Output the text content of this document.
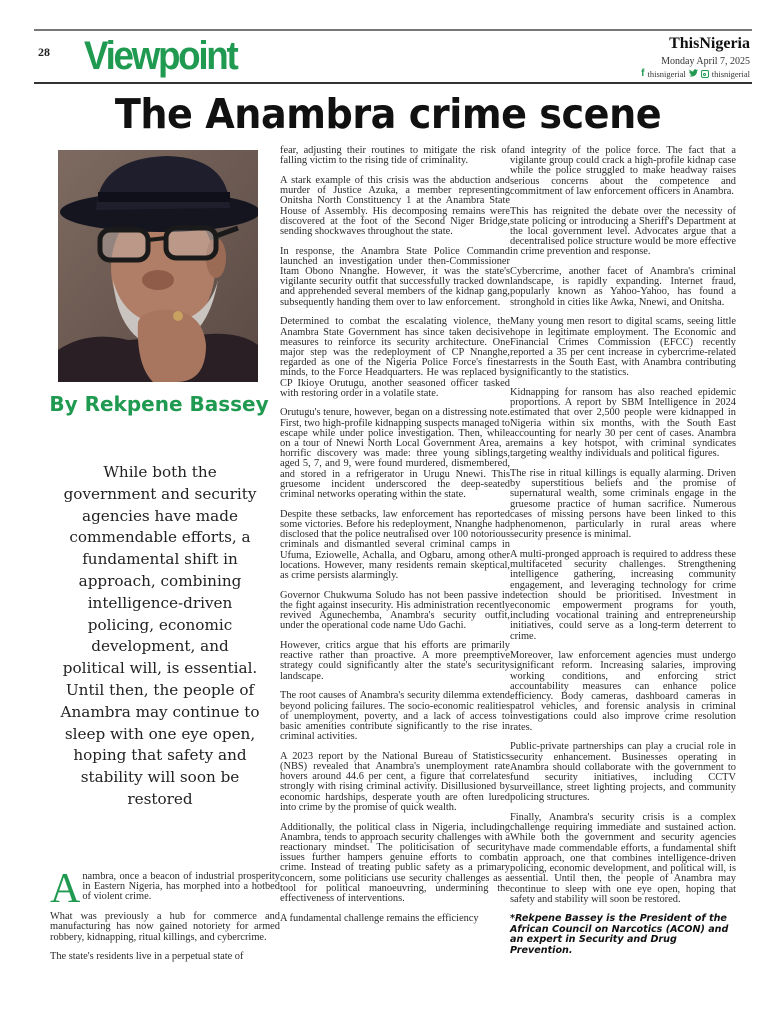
28 Viewpoint	ThisNigeria
Monday April 7, 2025
f thisnigerial	thisnigerial
The Anambra crime scene
By Rekpene Bassey
While both the government and security agencies have made commendable efforts, a fundamental shift in approach, combining intelligence-driven policing, economic development, and political will, is essential. Until then, the people of Anambra may continue to sleep with one eye open, hoping that safety and stability will soon be restored

Anambra, once a beacon of industrial prosperity in Eastern Nigeria, has morphed into a hotbed of violent crime.

What was previously a hub for commerce and manufacturing has now gained notoriety for armed robbery, kidnapping, ritual killings, and cybercrime.

The state's residents live in a perpetual state of

fear, adjusting their routines to mitigate the risk of falling victim to the rising tide of criminality.

A stark example of this crisis was the abduction and murder of Justice Azuka, a member representing Onitsha North Constituency 1 at the Anambra State House of Assembly. His decomposing remains were discovered at the foot of the Second Niger Bridge, sending shockwaves throughout the state.

In response, the Anambra State Police Command launched an investigation under then-Commissioner Itam Obono Nnanghe. However, it was the state's vigilante security outfit that successfully tracked down and apprehended several members of the kidnap gang, subsequently handing them over to law enforcement.

Determined to combat the escalating violence, the Anambra State Government has since taken decisive measures to reinforce its security architecture. One major step was the redeployment of CP Nnanghe, regarded as one of the Nigeria Police Force's finest minds, to the Force Headquarters. He was replaced by CP Ikioye Orutugu, another seasoned officer tasked with restoring order in a volatile state.

Orutugu's tenure, however, began on a distressing note. First, two high-profile kidnapping suspects managed to escape while under police investigation. Then, while on a tour of Nnewi North Local Government Area, a horrific discovery was made: three young siblings, aged 5, 7, and 9, were found murdered, dismembered, and stored in a refrigerator in Urugu Nnewi. This gruesome incident underscored the deep-seated criminal networks operating within the state.

Despite these setbacks, law enforcement has reported some victories. Before his redeployment, Nnanghe had disclosed that the police neutralised over 100 notorious criminals and dismantled several criminal camps in Ufuma, Eziowelle, Achalla, and Ogbaru, among other locations. However, many residents remain skeptical, as crime persists alarmingly.

Governor Chukwuma Soludo has not been passive in the fight against insecurity. His administration recently revived Agunechemba, Anambra's security outfit, under the operational code name Udo Gachi.

However, critics argue that his efforts are primarily reactive rather than proactive. A more preemptive strategy could significantly alter the state's security landscape.

The root causes of Anambra's security dilemma extend beyond policing failures. The socio-economic realities of unemployment, poverty, and a lack of access to basic amenities contribute significantly to the rise in criminal activities.

A 2023 report by the National Bureau of Statistics (NBS) revealed that Anambra's unemployment rate hovers around 44.6 per cent, a figure that correlates strongly with rising criminal activity. Disillusioned by economic hardships, desperate youth are often lured into crime by the promise of quick wealth.

Additionally, the political class in Nigeria, including Anambra, tends to approach security challenges with a reactionary mindset. The politicisation of security issues further hampers genuine efforts to combat crime. Instead of treating public safety as a primary concern, some politicians use security challenges as a tool for political manoeuvring, undermining the effectiveness of interventions.

A fundamental challenge remains the efficiency

and integrity of the police force. The fact that a vigilante group could crack a high-profile kidnap case while the police struggled to make headway raises serious concerns about the competence and commitment of law enforcement officers in Anambra.

This has reignited the debate over the necessity of state policing or introducing a Sheriff's Department at the local government level. Advocates argue that a decentralised police structure would be more effective in crime prevention and response.

Cybercrime, another facet of Anambra's criminal landscape, is rapidly expanding. Internet fraud, popularly known as Yahoo-Yahoo, has found a stronghold in cities like Awka, Nnewi, and Onitsha.

Many young men resort to digital scams, seeing little hope in legitimate employment. The Economic and Financial Crimes Commission (EFCC) recently reported a 35 per cent increase in cybercrime-related arrests in the South East, with Anambra contributing significantly to the statistics.

Kidnapping for ransom has also reached epidemic proportions. A report by SBM Intelligence in 2024 estimated that over 2,500 people were kidnapped in Nigeria within six months, with the South East accounting for nearly 30 per cent of cases. Anambra remains a key hotspot, with criminal syndicates targeting wealthy individuals and political figures.

The rise in ritual killings is equally alarming. Driven by superstitious beliefs and the promise of supernatural wealth, some criminals engage in the gruesome practice of human sacrifice. Numerous cases of missing persons have been linked to this phenomenon, particularly in rural areas where security presence is minimal.

A multi-pronged approach is required to address these multifaceted security challenges. Strengthening intelligence gathering, increasing community engagement, and leveraging technology for crime detection should be prioritised. Investment in economic empowerment programs for youth, including vocational training and entrepreneurship initiatives, could serve as a long-term deterrent to crime.

Moreover, law enforcement agencies must undergo significant reform. Increasing salaries, improving working conditions, and enforcing strict accountability measures can enhance police efficiency. Body cameras, dashboard cameras in patrol vehicles, and forensic analysis in criminal investigations could also improve crime resolution rates.

Public-private partnerships can play a crucial role in security enhancement. Businesses operating in Anambra should collaborate with the government to fund security initiatives, including CCTV surveillance, street lighting projects, and community policing structures.

Finally, Anambra's security crisis is a complex challenge requiring immediate and sustained action. While both the government and security agencies have made commendable efforts, a fundamental shift in approach, one that combines intelligence-driven policing, economic development, and political will, is essential. Until then, the people of Anambra may continue to sleep with one eye open, hoping that safety and stability will soon be restored.

*Rekpene Bassey is the President of the African Council on Narcotics (ACON) and an expert in Security and Drug Prevention.
